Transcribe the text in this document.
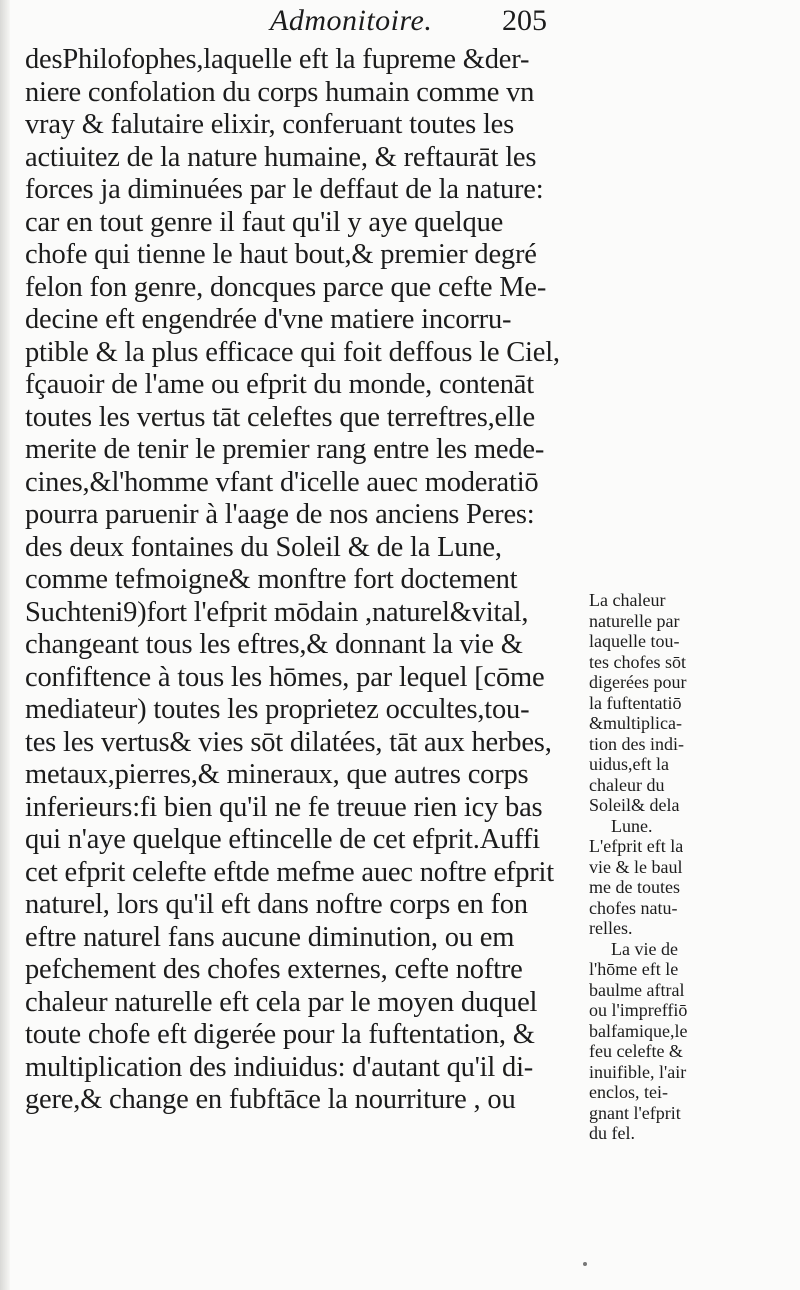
Admonitoire. 205
desPhilofophes,laquelle eft la fupreme &der-
niere confolation du corps humain comme vn
vray & falutaire elixir, conferuant toutes les
actiuitez de la nature humaine, & reftaurāt les
forces ja diminuées par le deffaut de la nature:
car en tout genre il faut qu'il y aye quelque
chofe qui tienne le haut bout,& premier degré
felon fon genre, doncques parce que cefte Me-
decine eft engendrée d'vne matiere incorru-
ptible & la plus efficace qui foit deffous le Ciel,
fçauoir de l'ame ou efprit du monde, contenāt
toutes les vertus tāt celeftes que terreftres,elle
merite de tenir le premier rang entre les mede-
cines,&l'homme vfant d'icelle auec moderatiō
pourra paruenir à l'aage de nos anciens Peres:
des deux fontaines du Soleil & de la Lune,
comme tefmoigne& monftre fort doctement
Suchteni9)fort l'efprit mōdain ,naturel&vital,
changeant tous les eftres,& donnant la vie &
confiftence à tous les hōmes, par lequel [cōme
mediateur) toutes les proprietez occultes,tou-
tes les vertus& vies sōt dilatées, tāt aux herbes,
metaux,pierres,& mineraux, que autres corps
inferieurs:fi bien qu'il ne fe treuue rien icy bas
qui n'aye quelque eftincelle de cet efprit.Auffi
cet efprit celefte eftde mefme auec noftre efprit
naturel, lors qu'il eft dans noftre corps en fon
eftre naturel fans aucune diminution, ou em
pefchement des chofes externes, cefte noftre
chaleur naturelle eft cela par le moyen duquel
toute chofe eft digerée pour la fuftentation, &
multiplication des indiuidus: d'autant qu'il di-
gere,& change en fubftāce la nourriture , ou
La chaleur
naturelle par
laquelle tou-
tes chofes sōt
digerées pour
la fuftentatiō
&multiplica-
tion des indi-
uidus,eft la
chaleur du
Soleil& dela
Lune.
L'efprit eft la
vie & le baul
me de toutes
chofes natu-
relles.
La vie de
l'hōme eft le
baulme aftral
ou l'impreffiō
balfamique,le
feu celefte &
inuifible, l'air
enclos, tei-
gnant l'efprit
du fel.
